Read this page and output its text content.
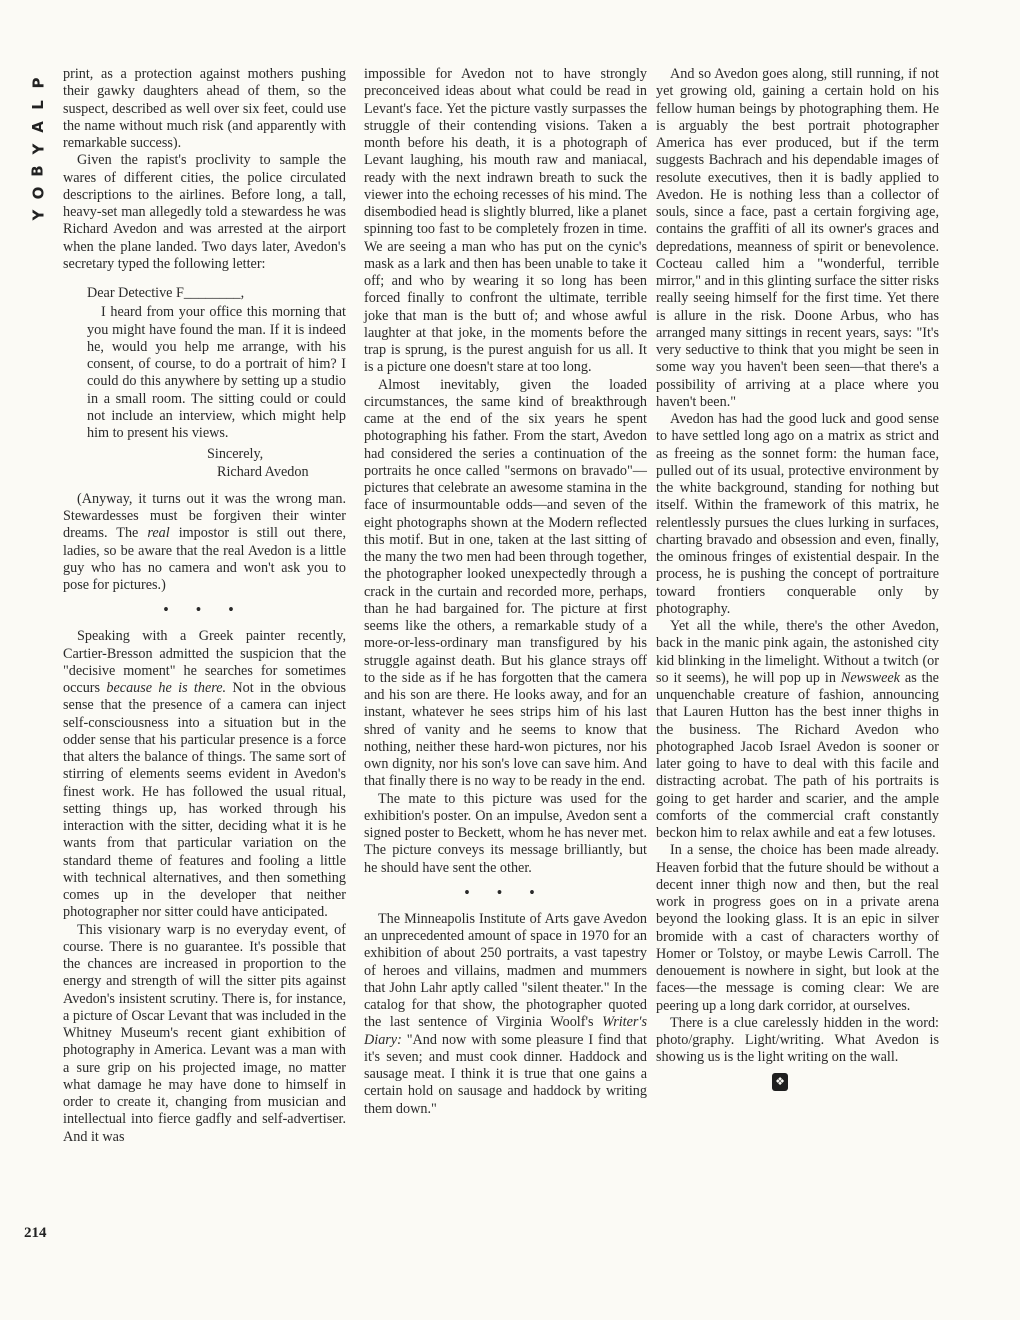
P
L
A
Y
B
O
Y
214

print, as a protection against mothers pushing their gawky daughters ahead of them, so the suspect, described as well over six feet, could use the name without much risk (and apparently with remarkable success).

Given the rapist's proclivity to sample the wares of different cities, the police circulated descriptions to the airlines. Before long, a tall, heavy-set man allegedly told a stewardess he was Richard Avedon and was arrested at the airport when the plane landed. Two days later, Avedon's secretary typed the following letter:

Dear Detective F________,

I heard from your office this morning that you might have found the man. If it is indeed he, would you help me arrange, with his consent, of course, to do a portrait of him? I could do this anywhere by setting up a studio in a small room. The sitting could or could not include an interview, which might help him to present his views.

Sincerely,

Richard Avedon

(Anyway, it turns out it was the wrong man. Stewardesses must be forgiven their winter dreams. The real impostor is still out there, ladies, so be aware that the real Avedon is a little guy who has no camera and won't ask you to pose for pictures.)

• • •

Speaking with a Greek painter recently, Cartier-Bresson admitted the suspicion that the "decisive moment" he searches for sometimes occurs because he is there. Not in the obvious sense that the presence of a camera can inject self-consciousness into a situation but in the odder sense that his particular presence is a force that alters the balance of things. The same sort of stirring of elements seems evident in Avedon's finest work. He has followed the usual ritual, setting things up, has worked through his interaction with the sitter, deciding what it is he wants from that particular variation on the standard theme of features and fooling a little with technical alternatives, and then something comes up in the developer that neither photographer nor sitter could have anticipated.

This visionary warp is no everyday event, of course. There is no guarantee. It's possible that the chances are increased in proportion to the energy and strength of will the sitter pits against Avedon's insistent scrutiny. There is, for instance, a picture of Oscar Levant that was included in the Whitney Museum's recent giant exhibition of photography in America. Levant was a man with a sure grip on his projected image, no matter what damage he may have done to himself in order to create it, changing from musician and intellectual into fierce gadfly and self-advertiser. And it was

impossible for Avedon not to have strongly preconceived ideas about what could be read in Levant's face. Yet the picture vastly surpasses the struggle of their contending visions. Taken a month before his death, it is a photograph of Levant laughing, his mouth raw and maniacal, ready with the next indrawn breath to suck the viewer into the echoing recesses of his mind. The disembodied head is slightly blurred, like a planet spinning too fast to be completely frozen in time. We are seeing a man who has put on the cynic's mask as a lark and then has been unable to take it off; and who by wearing it so long has been forced finally to confront the ultimate, terrible joke that man is the butt of; and whose awful laughter at that joke, in the moments before the trap is sprung, is the purest anguish for us all. It is a picture one doesn't stare at too long.

Almost inevitably, given the loaded circumstances, the same kind of breakthrough came at the end of the six years he spent photographing his father. From the start, Avedon had considered the series a continuation of the portraits he once called "sermons on bravado"—pictures that celebrate an awesome stamina in the face of insurmountable odds—and seven of the eight photographs shown at the Modern reflected this motif. But in one, taken at the last sitting of the many the two men had been through together, the photographer looked unexpectedly through a crack in the curtain and recorded more, perhaps, than he had bargained for. The picture at first seems like the others, a remarkable study of a more-or-less-ordinary man transfigured by his struggle against death. But his glance strays off to the side as if he has forgotten that the camera and his son are there. He looks away, and for an instant, whatever he sees strips him of his last shred of vanity and he seems to know that nothing, neither these hard-won pictures, nor his own dignity, nor his son's love can save him. And that finally there is no way to be ready in the end.

The mate to this picture was used for the exhibition's poster. On an impulse, Avedon sent a signed poster to Beckett, whom he has never met. The picture conveys its message brilliantly, but he should have sent the other.

• • •

The Minneapolis Institute of Arts gave Avedon an unprecedented amount of space in 1970 for an exhibition of about 250 portraits, a vast tapestry of heroes and villains, madmen and mummers that John Lahr aptly called "silent theater." In the catalog for that show, the photographer quoted the last sentence of Virginia Woolf's Writer's Diary: "And now with some pleasure I find that it's seven; and must cook dinner. Haddock and sausage meat. I think it is true that one gains a certain hold on sausage and haddock by writing them down."

And so Avedon goes along, still running, if not yet growing old, gaining a certain hold on his fellow human beings by photographing them. He is arguably the best portrait photographer America has ever produced, but if the term suggests Bachrach and his dependable images of resolute executives, then it is badly applied to Avedon. He is nothing less than a collector of souls, since a face, past a certain forgiving age, contains the graffiti of all its owner's graces and depredations, meanness of spirit or benevolence. Cocteau called him a "wonderful, terrible mirror," and in this glinting surface the sitter risks really seeing himself for the first time. Yet there is allure in the risk. Doone Arbus, who has arranged many sittings in recent years, says: "It's very seductive to think that you might be seen in some way you haven't been seen—that there's a possibility of arriving at a place where you haven't been."

Avedon has had the good luck and good sense to have settled long ago on a matrix as strict and as freeing as the sonnet form: the human face, pulled out of its usual, protective environment by the white background, standing for nothing but itself. Within the framework of this matrix, he relentlessly pursues the clues lurking in surfaces, charting bravado and obsession and even, finally, the ominous fringes of existential despair. In the process, he is pushing the concept of portraiture toward frontiers conquerable only by photography.

Yet all the while, there's the other Avedon, back in the manic pink again, the astonished city kid blinking in the limelight. Without a twitch (or so it seems), he will pop up in Newsweek as the unquenchable creature of fashion, announcing that Lauren Hutton has the best inner thighs in the business. The Richard Avedon who photographed Jacob Israel Avedon is sooner or later going to have to deal with this facile and distracting acrobat. The path of his portraits is going to get harder and scarier, and the ample comforts of the commercial craft constantly beckon him to relax awhile and eat a few lotuses.

In a sense, the choice has been made already. Heaven forbid that the future should be without a decent inner thigh now and then, but the real work in progress goes on in a private arena beyond the looking glass. It is an epic in silver bromide with a cast of characters worthy of Homer or Tolstoy, or maybe Lewis Carroll. The denouement is nowhere in sight, but look at the faces—the message is coming clear: We are peering up a long dark corridor, at ourselves.

There is a clue carelessly hidden in the word: photo/graphy. Light/writing. What Avedon is showing us is the light writing on the wall.

❖
